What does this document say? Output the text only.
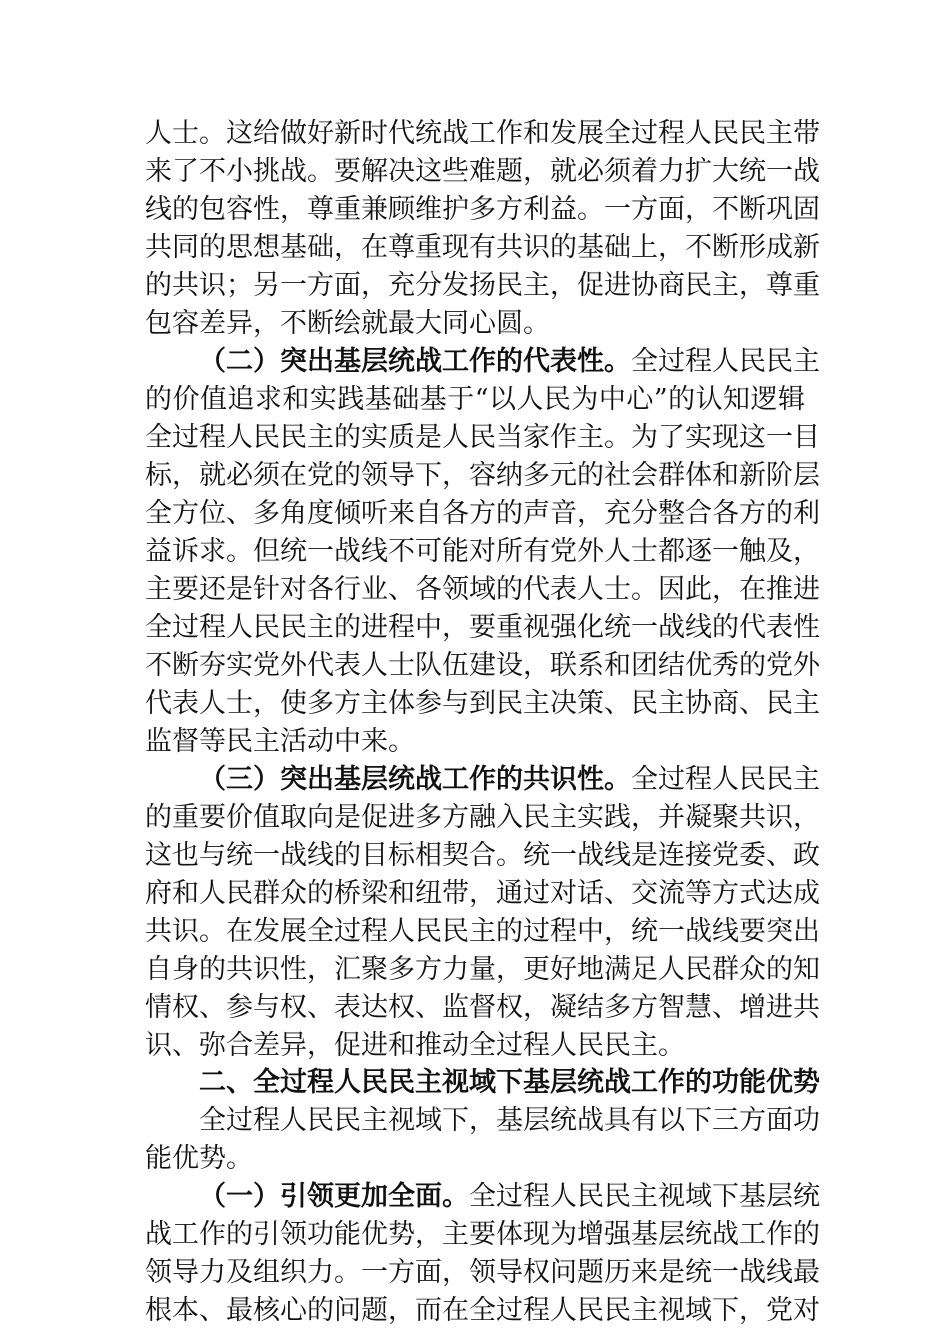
人士。这给做好新时代统战工作和发展全过程人民民主带
来了不小挑战。要解决这些难题，就必须着力扩大统一战
线的包容性，尊重兼顾维护多方利益。一方面，不断巩固
共同的思想基础，在尊重现有共识的基础上，不断形成新
的共识；另一方面，充分发扬民主，促进协商民主，尊重
包容差异，不断绘就最大同心圆。
（二）突出基层统战工作的代表性。全过程人民民主
的价值追求和实践基础基于“以人民为中心”的认知逻辑
全过程人民民主的实质是人民当家作主。为了实现这一目
标，就必须在党的领导下，容纳多元的社会群体和新阶层
全方位、多角度倾听来自各方的声音，充分整合各方的利
益诉求。但统一战线不可能对所有党外人士都逐一触及，
主要还是针对各行业、各领域的代表人士。因此，在推进
全过程人民民主的进程中，要重视强化统一战线的代表性
不断夯实党外代表人士队伍建设，联系和团结优秀的党外
代表人士，使多方主体参与到民主决策、民主协商、民主
监督等民主活动中来。
（三）突出基层统战工作的共识性。全过程人民民主
的重要价值取向是促进多方融入民主实践，并凝聚共识，
这也与统一战线的目标相契合。统一战线是连接党委、政
府和人民群众的桥梁和纽带，通过对话、交流等方式达成
共识。在发展全过程人民民主的过程中，统一战线要突出
自身的共识性，汇聚多方力量，更好地满足人民群众的知
情权、参与权、表达权、监督权，凝结多方智慧、增进共
识、弥合差异，促进和推动全过程人民民主。
二、全过程人民民主视域下基层统战工作的功能优势
全过程人民民主视域下，基层统战具有以下三方面功
能优势。
（一）引领更加全面。全过程人民民主视域下基层统
战工作的引领功能优势，主要体现为增强基层统战工作的
领导力及组织力。一方面，领导权问题历来是统一战线最
根本、最核心的问题，而在全过程人民民主视域下，党对
